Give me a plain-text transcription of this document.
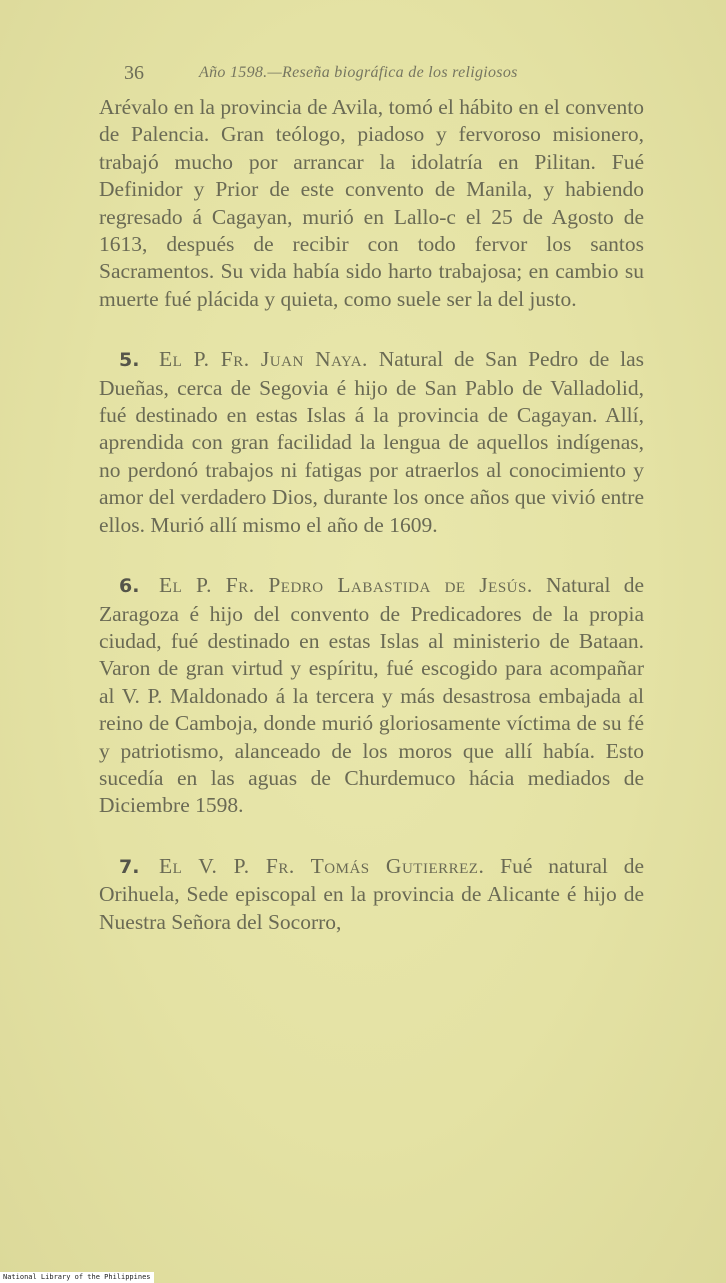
36	Año 1598.—Reseña biográfica de los religiosos

Arévalo en la provincia de Avila, tomó el hábito en el convento de Palencia. Gran teólogo, piadoso y fervoroso misionero, trabajó mucho por arrancar la idolatría en Pilitan. Fué Definidor y Prior de este convento de Manila, y habiendo regresado á Cagayan, murió en Lallo-c el 25 de Agosto de 1613, después de recibir con todo fervor los santos Sacramentos. Su vida había sido harto trabajosa; en cambio su muerte fué plácida y quieta, como suele ser la del justo.

5. El P. Fr. Juan Naya. Natural de San Pedro de las Dueñas, cerca de Segovia é hijo de San Pablo de Valladolid, fué destinado en estas Islas á la provincia de Cagayan. Allí, aprendida con gran facilidad la lengua de aquellos indígenas, no perdonó trabajos ni fatigas por atraerlos al conocimiento y amor del verdadero Dios, durante los once años que vivió entre ellos. Murió allí mismo el año de 1609.

6. El P. Fr. Pedro Labastida de Jesús. Natural de Zaragoza é hijo del convento de Predicadores de la propia ciudad, fué destinado en estas Islas al ministerio de Bataan. Varon de gran virtud y espíritu, fué escogido para acompañar al V. P. Maldonado á la tercera y más desastrosa embajada al reino de Camboja, donde murió gloriosamente víctima de su fé y patriotismo, alanceado de los moros que allí había. Esto sucedía en las aguas de Churdemuco hácia mediados de Diciembre 1598.

7. El V. P. Fr. Tomás Gutierrez. Fué natural de Orihuela, Sede episcopal en la provincia de Alicante é hijo de Nuestra Señora del Socorro,

National Library of the Philippines
